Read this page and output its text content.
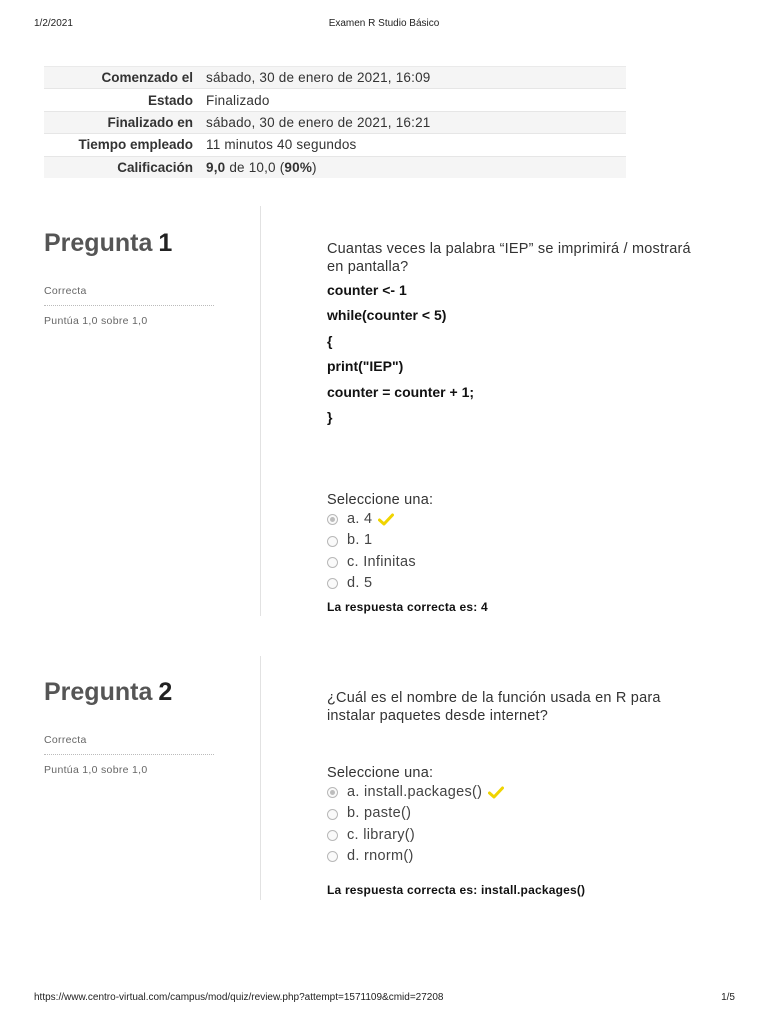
1/2/2021	Examen R Studio Básico
Comenzado el	sábado, 30 de enero de 2021, 16:09
Estado	Finalizado
Finalizado en	sábado, 30 de enero de 2021, 16:21
Tiempo empleado	11 minutos 40 segundos
Calificación	9,0 de 10,0 (90%)
Pregunta 1
Correcta
Puntúa 1,0 sobre 1,0
Cuantas veces la palabra “IEP” se imprimirá / mostrará en pantalla?
counter <- 1
while(counter < 5)
{
print("IEP")
counter = counter + 1;
}
Seleccione una:
a. 4
b. 1
c. Infinitas
d. 5
La respuesta correcta es: 4
Pregunta 2
Correcta
Puntúa 1,0 sobre 1,0
¿Cuál es el nombre de la función usada en R para instalar paquetes desde internet?
Seleccione una:
a. install.packages()
b. paste()
c. library()
d. rnorm()
La respuesta correcta es: install.packages()
https://www.centro-virtual.com/campus/mod/quiz/review.php?attempt=1571109&cmid=27208	1/5
